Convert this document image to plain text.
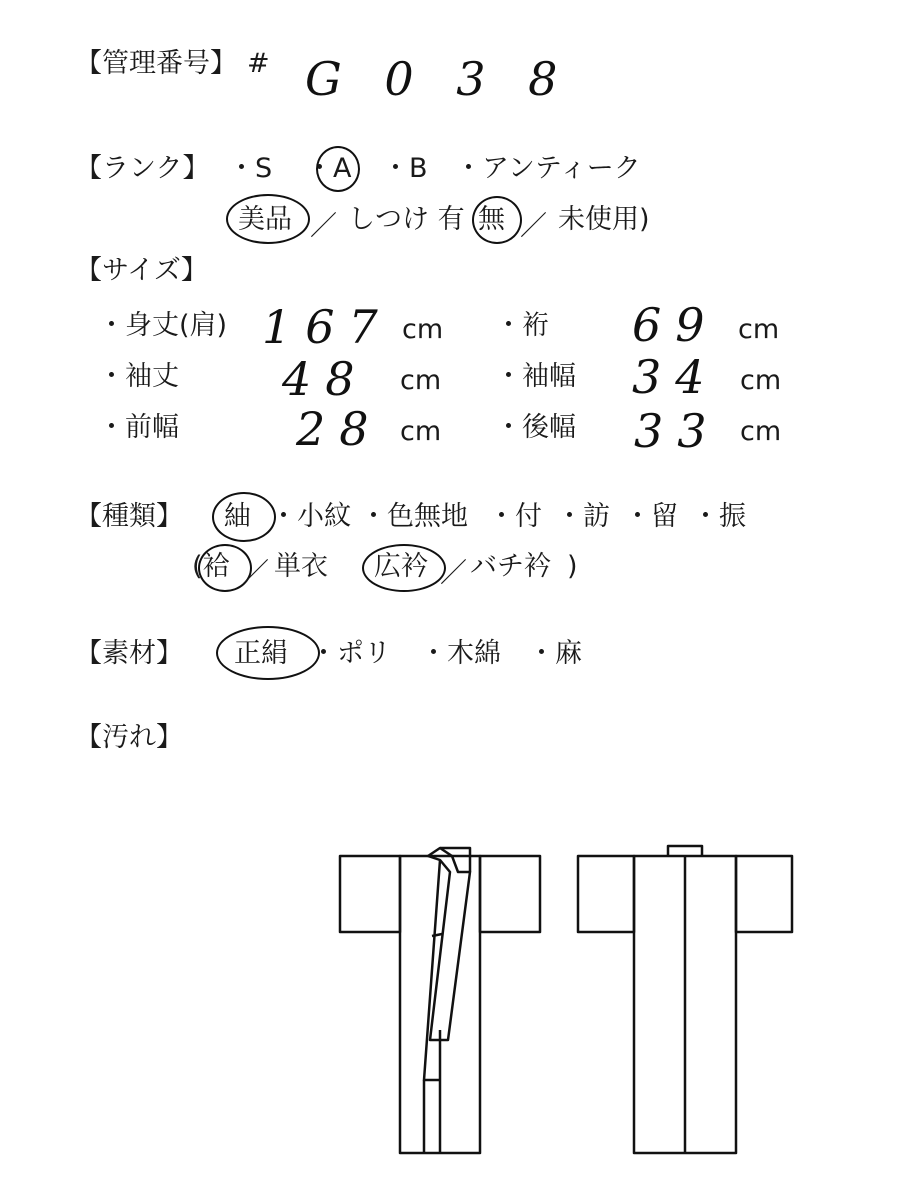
【管理番号】 # G 0 3 8
【ランク】 ・S ・A ・B ・アンティーク
美品 ／ しつけ 有 無 ／ 未使用)
【サイズ】
・身丈(肩) 167 cm ・裄 69 cm
・袖丈 48 cm ・袖幅 34 cm
・前幅	28 cm ・後幅 33 cm
【種類】 紬 ・小紋 ・色無地 ・付 ・訪 ・留 ・振
(袷 ／ 単衣 広衿 ／ バチ衿 )
【素材】 正絹 ・ポリ ・木綿 ・麻
【汚れ】
